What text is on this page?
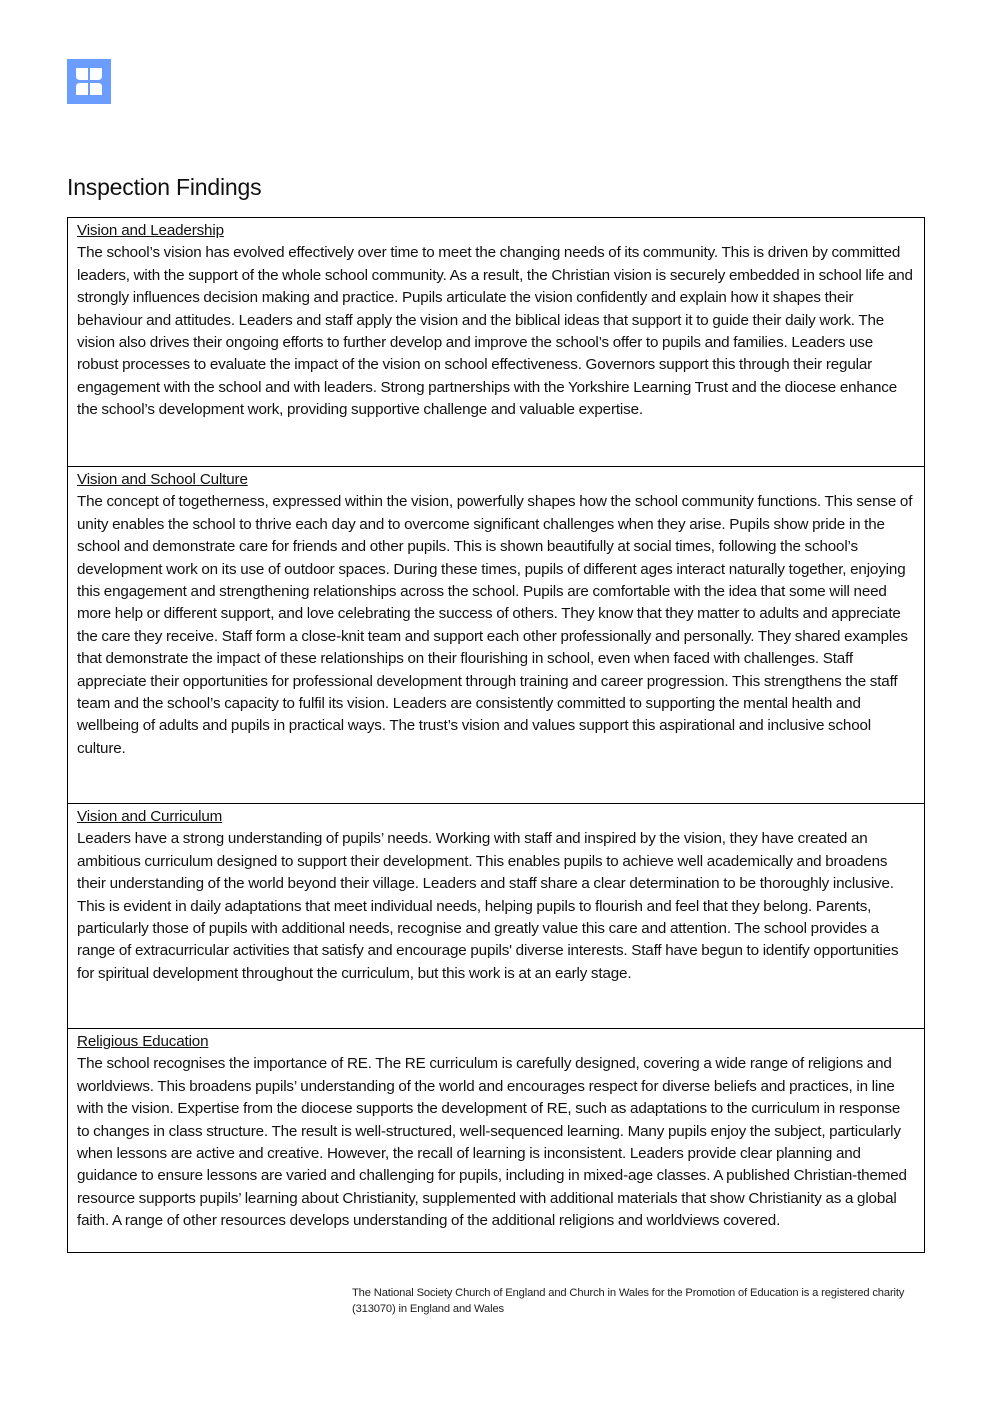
Inspection Findings

Vision and Leadership

The school’s vision has evolved effectively over time to meet the changing needs of its community. This is driven by committed leaders, with the support of the whole school community. As a result, the Christian vision is securely embedded in school life and strongly influences decision making and practice. Pupils articulate the vision confidently and explain how it shapes their behaviour and attitudes. Leaders and staff apply the vision and the biblical ideas that support it to guide their daily work. The vision also drives their ongoing efforts to further develop and improve the school’s offer to pupils and families. Leaders use robust processes to evaluate the impact of the vision on school effectiveness. Governors support this through their regular engagement with the school and with leaders. Strong partnerships with the Yorkshire Learning Trust and the diocese enhance the school’s development work, providing supportive challenge and valuable expertise.

Vision and School Culture

The concept of togetherness, expressed within the vision, powerfully shapes how the school community functions. This sense of unity enables the school to thrive each day and to overcome significant challenges when they arise. Pupils show pride in the school and demonstrate care for friends and other pupils. This is shown beautifully at social times, following the school’s development work on its use of outdoor spaces. During these times, pupils of different ages interact naturally together, enjoying this engagement and strengthening relationships across the school. Pupils are comfortable with the idea that some will need more help or different support, and love celebrating the success of others. They know that they matter to adults and appreciate the care they receive. Staff form a close-knit team and support each other professionally and personally. They shared examples that demonstrate the impact of these relationships on their flourishing in school, even when faced with challenges. Staff appreciate their opportunities for professional development through training and career progression. This strengthens the staff team and the school’s capacity to fulfil its vision. Leaders are consistently committed to supporting the mental health and wellbeing of adults and pupils in practical ways. The trust’s vision and values support this aspirational and inclusive school culture.

Vision and Curriculum

Leaders have a strong understanding of pupils’ needs. Working with staff and inspired by the vision, they have created an ambitious curriculum designed to support their development. This enables pupils to achieve well academically and broadens their understanding of the world beyond their village. Leaders and staff share a clear determination to be thoroughly inclusive. This is evident in daily adaptations that meet individual needs, helping pupils to flourish and feel that they belong. Parents, particularly those of pupils with additional needs, recognise and greatly value this care and attention. The school provides a range of extracurricular activities that satisfy and encourage pupils' diverse interests. Staff have begun to identify opportunities for spiritual development throughout the curriculum, but this work is at an early stage.

Religious Education

The school recognises the importance of RE. The RE curriculum is carefully designed, covering a wide range of religions and worldviews. This broadens pupils’ understanding of the world and encourages respect for diverse beliefs and practices, in line with the vision. Expertise from the diocese supports the development of RE, such as adaptations to the curriculum in response to changes in class structure. The result is well-structured, well-sequenced learning. Many pupils enjoy the subject, particularly when lessons are active and creative. However, the recall of learning is inconsistent. Leaders provide clear planning and guidance to ensure lessons are varied and challenging for pupils, including in mixed-age classes. A published Christian-themed resource supports pupils’ learning about Christianity, supplemented with additional materials that show Christianity as a global faith. A range of other resources develops understanding of the additional religions and worldviews covered.

The National Society Church of England and Church in Wales for the Promotion of Education is a registered charity (313070) in England and Wales
